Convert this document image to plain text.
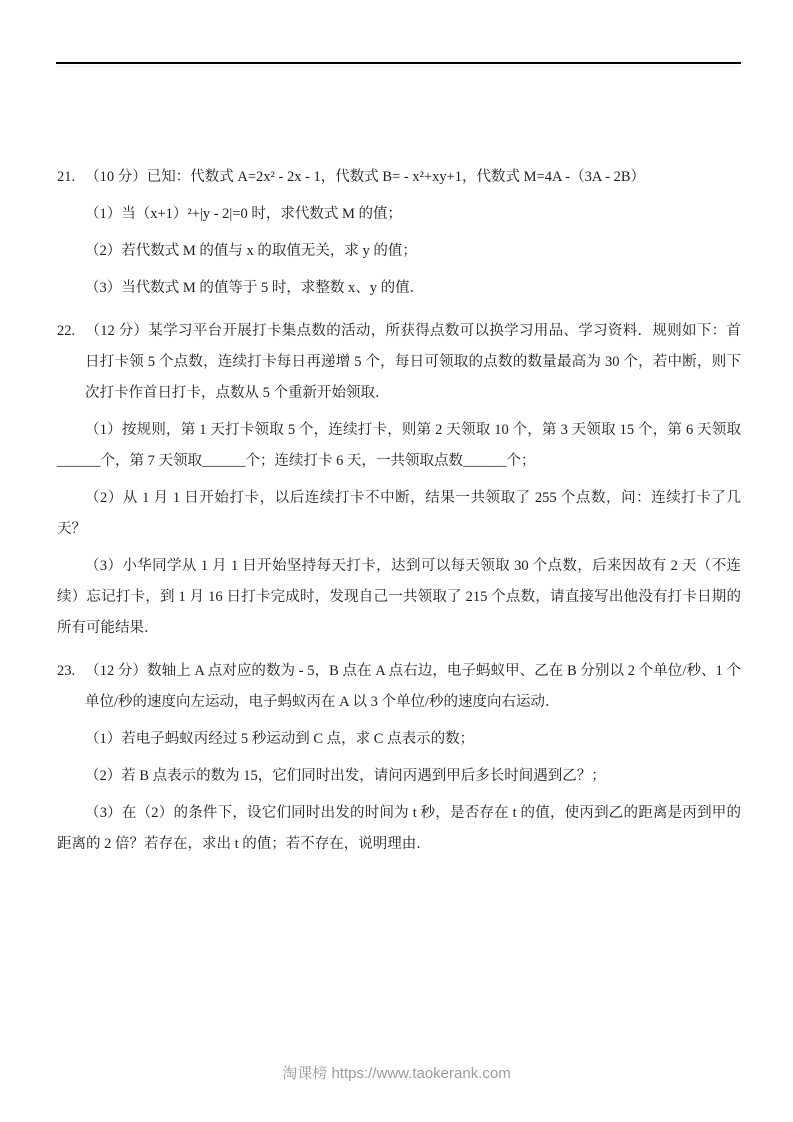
21. （10 分）已知：代数式 A=2x² - 2x - 1，代数式 B= - x²+xy+1，代数式 M=4A -（3A - 2B）

（1）当（x+1）²+|y - 2|=0 时，求代数式 M 的值；

（2）若代数式 M 的值与 x 的取值无关，求 y 的值；

（3）当代数式 M 的值等于 5 时，求整数 x、y 的值．

22. （12 分）某学习平台开展打卡集点数的活动，所获得点数可以换学习用品、学习资料．规则如下：首日打卡领 5 个点数，连续打卡每日再递增 5 个，每日可领取的点数的数量最高为 30 个，若中断，则下次打卡作首日打卡，点数从 5 个重新开始领取．

（1）按规则，第 1 天打卡领取 5 个，连续打卡，则第 2 天领取 10 个，第 3 天领取 15 个，第 6 天领取______个，第 7 天领取______个；连续打卡 6 天，一共领取点数______个；

（2）从 1 月 1 日开始打卡，以后连续打卡不中断，结果一共领取了 255 个点数，问：连续打卡了几天？

（3）小华同学从 1 月 1 日开始坚持每天打卡，达到可以每天领取 30 个点数，后来因故有 2 天（不连续）忘记打卡，到 1 月 16 日打卡完成时，发现自己一共领取了 215 个点数，请直接写出他没有打卡日期的所有可能结果．

23. （12 分）数轴上 A 点对应的数为 - 5，B 点在 A 点右边，电子蚂蚁甲、乙在 B 分别以 2 个单位/秒、1 个单位/秒的速度向左运动，电子蚂蚁丙在 A 以 3 个单位/秒的速度向右运动．

（1）若电子蚂蚁丙经过 5 秒运动到 C 点，求 C 点表示的数；

（2）若 B 点表示的数为 15，它们同时出发，请问丙遇到甲后多长时间遇到乙？；

（3）在（2）的条件下，设它们同时出发的时间为 t 秒，是否存在 t 的值，使丙到乙的距离是丙到甲的距离的 2 倍？若存在，求出 t 的值；若不存在，说明理由．

淘课榜 https://www.taokerank.com
